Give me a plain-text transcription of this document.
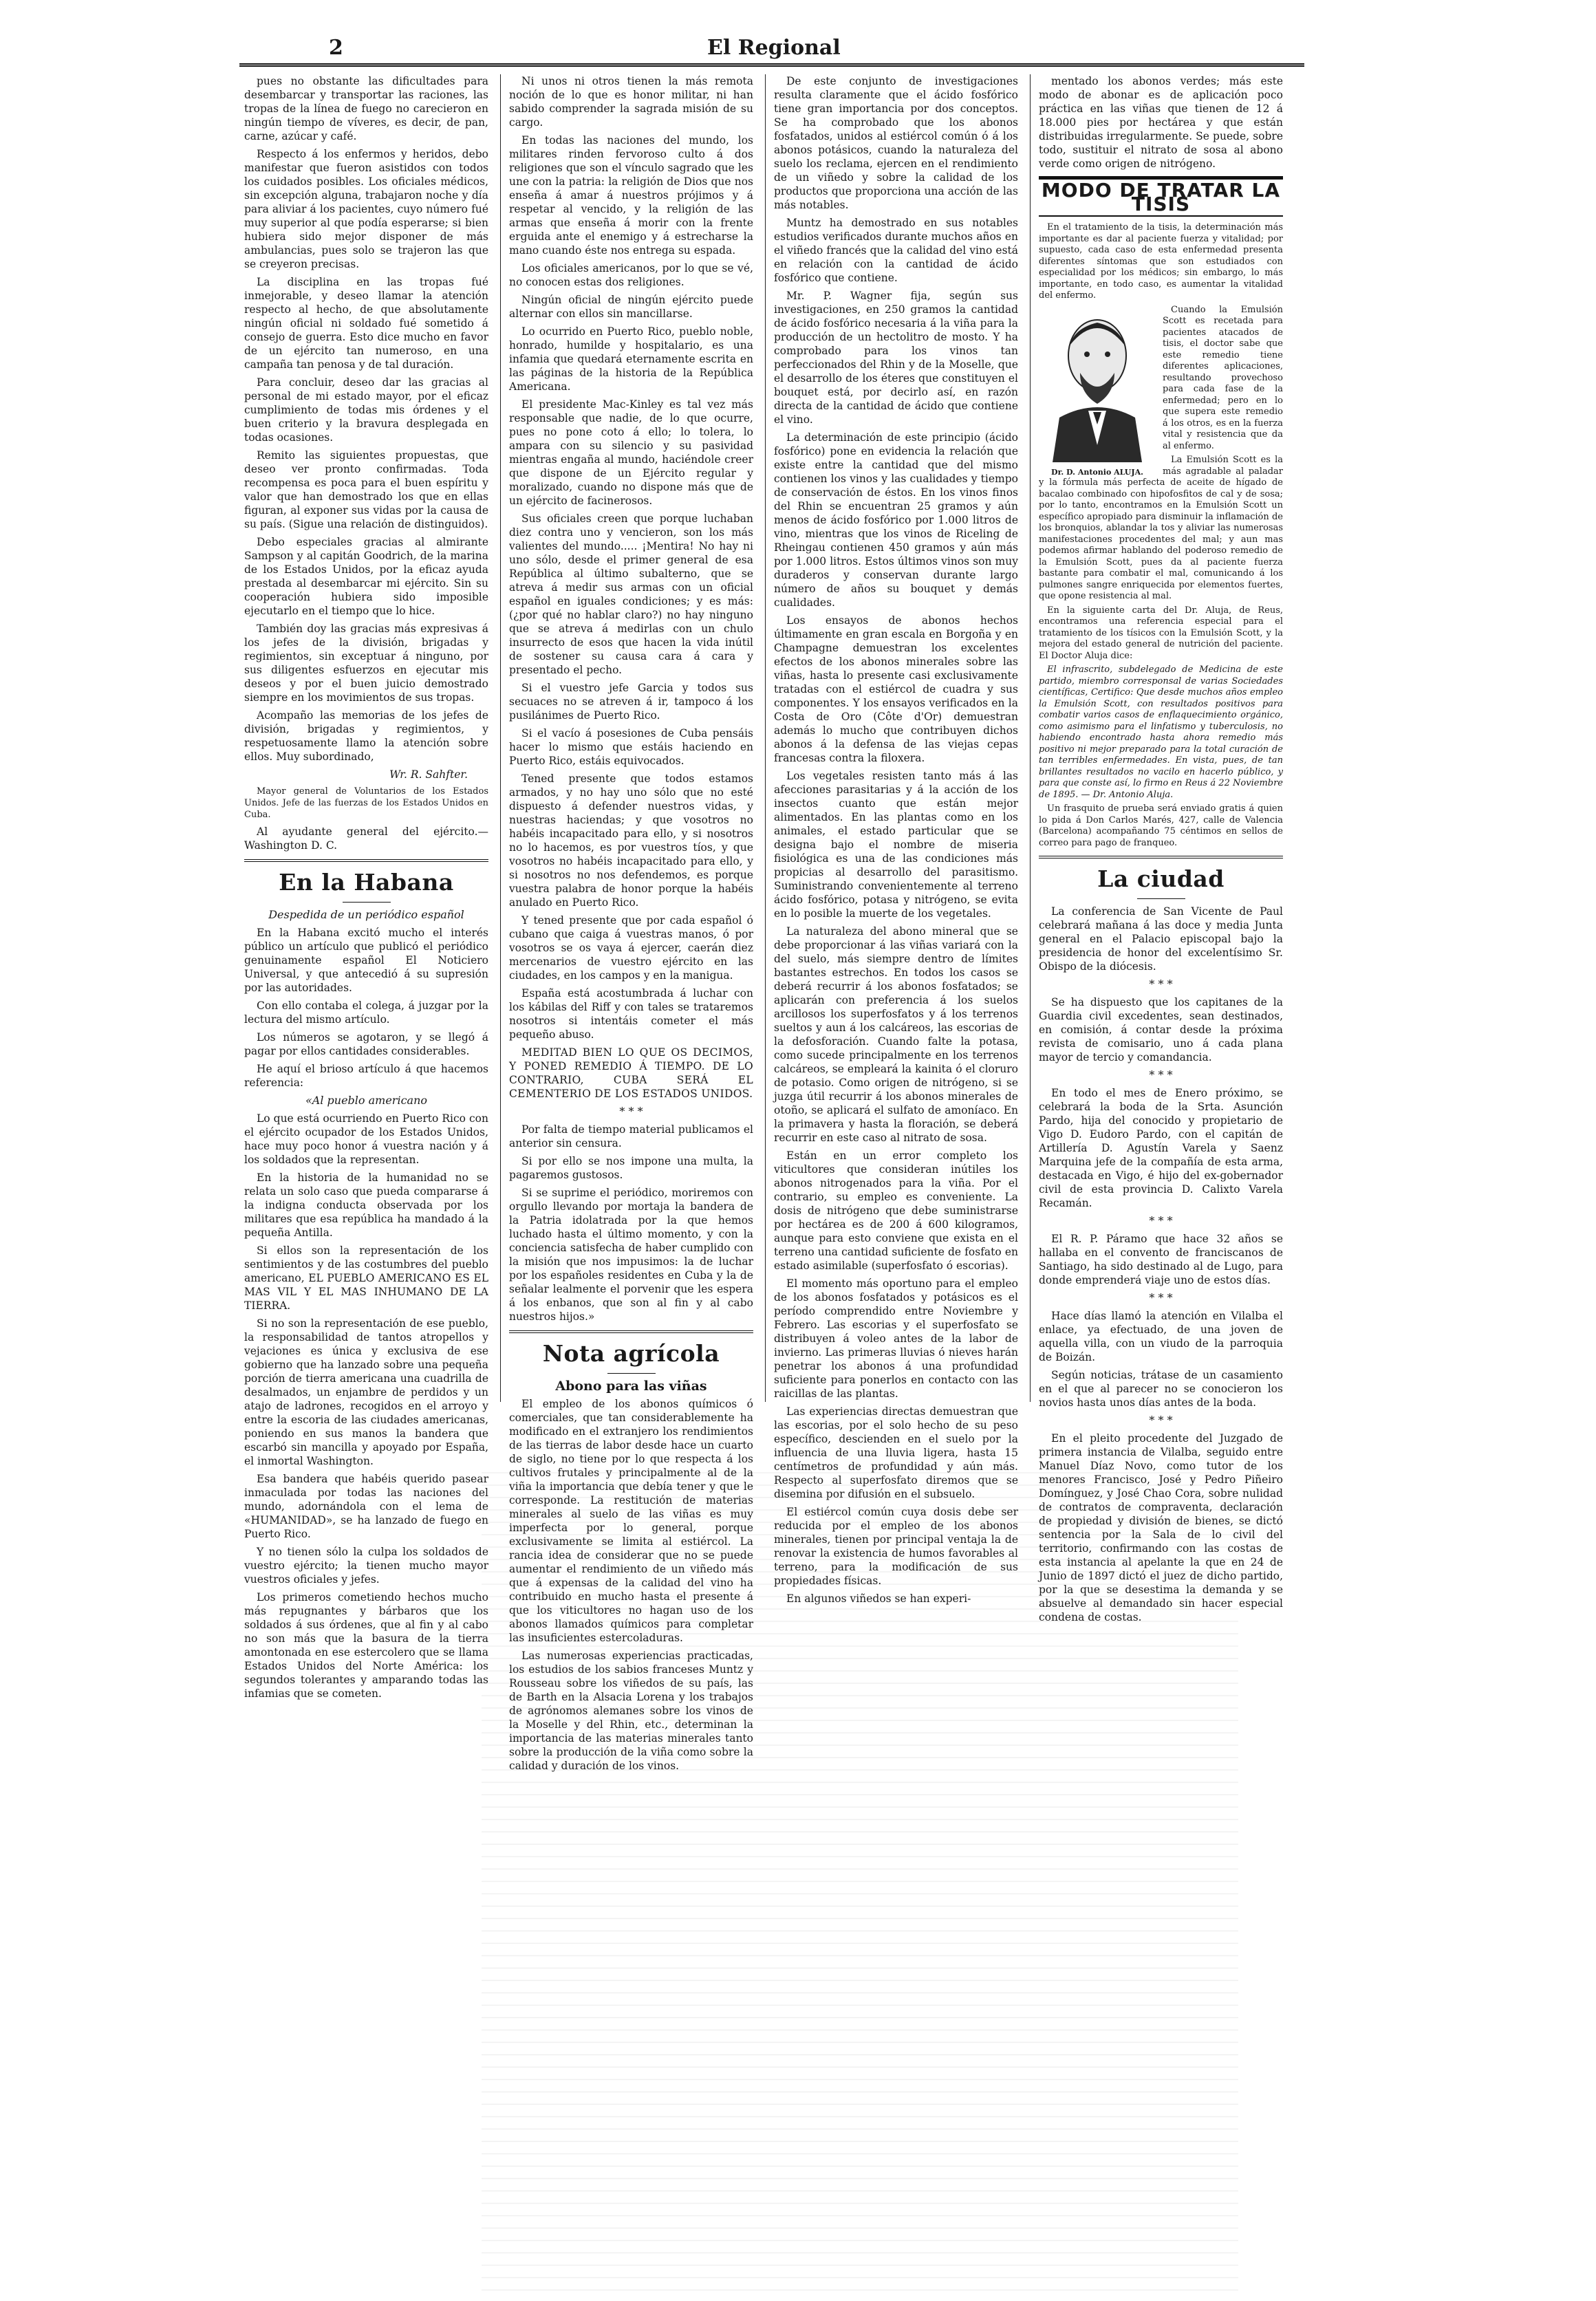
2	El Regional

pues no obstante las dificultades para desembarcar y transportar las raciones, las tropas de la línea de fuego no carecieron en ningún tiempo de víveres, es decir, de pan, carne, azúcar y café.

Respecto á los enfermos y heridos, debo manifestar que fueron asistidos con todos los cuidados posibles. Los oficiales médicos, sin excepción alguna, trabajaron noche y día para aliviar á los pacientes, cuyo número fué muy superior al que podía esperarse; si bien hubiera sido mejor disponer de más ambulancias, pues solo se trajeron las que se creyeron precisas.

La disciplina en las tropas fué inmejorable, y deseo llamar la atención respecto al hecho, de que absolutamente ningún oficial ni soldado fué sometido á consejo de guerra. Esto dice mucho en favor de un ejército tan numeroso, en una campaña tan penosa y de tal duración.

Para concluir, deseo dar las gracias al personal de mi estado mayor, por el eficaz cumplimiento de todas mis órdenes y el buen criterio y la bravura desplegada en todas ocasiones.

Remito las siguientes propuestas, que deseo ver pronto confirmadas. Toda recompensa es poca para el buen espíritu y valor que han demostrado los que en ellas figuran, al exponer sus vidas por la causa de su país. (Sigue una relación de distinguidos).

Debo especiales gracias al almirante Sampson y al capitán Goodrich, de la marina de los Estados Unidos, por la eficaz ayuda prestada al desembarcar mi ejército. Sin su cooperación hubiera sido imposible ejecutarlo en el tiempo que lo hice.

También doy las gracias más expresivas á los jefes de la división, brigadas y regimientos, sin exceptuar á ninguno, por sus diligentes esfuerzos en ejecutar mis deseos y por el buen juicio demostrado siempre en los movimientos de sus tropas.

Acompaño las memorias de los jefes de división, brigadas y regimientos, y respetuosamente llamo la atención sobre ellos. Muy subordinado,

Wr. R. Sahfter.

Mayor general de Voluntarios de los Estados Unidos. Jefe de las fuerzas de los Estados Unidos en Cuba.

Al ayudante general del ejército.— Washington D. C.

En la Habana

Despedida de un periódico español

En la Habana excitó mucho el interés público un artículo que publicó el periódico genuinamente español El Noticiero Universal, y que antecedió á su supresión por las autoridades.

Con ello contaba el colega, á juzgar por la lectura del mismo artículo.

Los números se agotaron, y se llegó á pagar por ellos cantidades considerables.

He aquí el brioso artículo á que hacemos referencia:

«Al pueblo americano

Lo que está ocurriendo en Puerto Rico con el ejército ocupador de los Estados Unidos, hace muy poco honor á vuestra nación y á los soldados que la representan.

En la historia de la humanidad no se relata un solo caso que pueda compararse á la indigna conducta observada por los militares que esa república ha mandado á la pequeña Antilla.

Si ellos son la representación de los sentimientos y de las costumbres del pueblo americano, EL PUEBLO AMERICANO ES EL MAS VIL Y EL MAS INHUMANO DE LA TIERRA.

Si no son la representación de ese pueblo, la responsabilidad de tantos atropellos y vejaciones es única y exclusiva de ese gobierno que ha lanzado sobre una pequeña porción de tierra americana una cuadrilla de desalmados, un enjambre de perdidos y un atajo de ladrones, recogidos en el arroyo y entre la escoria de las ciudades americanas, poniendo en sus manos la bandera que escarbó sin mancilla y apoyado por España, el inmortal Washington.

Esa bandera que habéis querido pasear inmaculada por todas las naciones del mundo, adornándola con el lema de «HUMANIDAD», se ha lanzado de fuego en Puerto Rico.

Y no tienen sólo la culpa los soldados de vuestro ejército; la tienen mucho mayor vuestros oficiales y jefes.

Los primeros cometiendo hechos mucho más repugnantes y bárbaros que los soldados á sus órdenes, que al fin y al cabo no son más que la basura de la tierra amontonada en ese estercolero que se llama Estados Unidos del Norte América: los segundos tolerantes y amparando todas las infamias que se cometen.

Ni unos ni otros tienen la más remota noción de lo que es honor militar, ni han sabido comprender la sagrada misión de su cargo.

En todas las naciones del mundo, los militares rinden fervoroso culto á dos religiones que son el vínculo sagrado que les une con la patria: la religión de Dios que nos enseña á amar á nuestros prójimos y á respetar al vencido, y la religión de las armas que enseña á morir con la frente erguida ante el enemigo y á estrecharse la mano cuando éste nos entrega su espada.

Los oficiales americanos, por lo que se vé, no conocen estas dos religiones.

Ningún oficial de ningún ejército puede alternar con ellos sin mancillarse.

Lo ocurrido en Puerto Rico, pueblo noble, honrado, humilde y hospitalario, es una infamia que quedará eternamente escrita en las páginas de la historia de la República Americana.

El presidente Mac-Kinley es tal vez más responsable que nadie, de lo que ocurre, pues no pone coto á ello; lo tolera, lo ampara con su silencio y su pasividad mientras engaña al mundo, haciéndole creer que dispone de un Ejército regular y moralizado, cuando no dispone más que de un ejército de facinerosos.

Sus oficiales creen que porque luchaban diez contra uno y vencieron, son los más valientes del mundo..... ¡Mentira! No hay ni uno sólo, desde el primer general de esa República al último subalterno, que se atreva á medir sus armas con un oficial español en iguales condiciones; y es más: (¿por qué no hablar claro?) no hay ninguno que se atreva á medirlas con un chulo insurrecto de esos que hacen la vida inútil de sostener su causa cara á cara y presentado el pecho.

Si el vuestro jefe Garcia y todos sus secuaces no se atreven á ir, tampoco á los pusilánimes de Puerto Rico.

Si el vacío á posesiones de Cuba pensáis hacer lo mismo que estáis haciendo en Puerto Rico, estáis equivocados.

Tened presente que todos estamos armados, y no hay uno sólo que no esté dispuesto á defender nuestros vidas, y nuestras haciendas; y que vosotros no habéis incapacitado para ello, y si nosotros no lo hacemos, es por vuestros tíos, y que vosotros no habéis incapacitado para ello, y si nosotros no nos defendemos, es porque vuestra palabra de honor porque la habéis anulado en Puerto Rico.

Y tened presente que por cada español ó cubano que caiga á vuestras manos, ó por vosotros se os vaya á ejercer, caerán diez mercenarios de vuestro ejército en las ciudades, en los campos y en la manigua.

España está acostumbrada á luchar con los kábilas del Riff y con tales se trataremos nosotros si intentáis cometer el más pequeño abuso.

MEDITAD BIEN LO QUE OS DECIMOS, Y PONED REMEDIO Á TIEMPO. DE LO CONTRARIO, CUBA SERÁ EL CEMENTERIO DE LOS ESTADOS UNIDOS.

* * *

Por falta de tiempo material publicamos el anterior sin censura.

Si por ello se nos impone una multa, la pagaremos gustosos.

Si se suprime el periódico, moriremos con orgullo llevando por mortaja la bandera de la Patria idolatrada por la que hemos luchado hasta el último momento, y con la conciencia satisfecha de haber cumplido con la misión que nos impusimos: la de luchar por los españoles residentes en Cuba y la de señalar lealmente el porvenir que les espera á los enbanos, que son al fin y al cabo nuestros hijos.»

Nota agrícola

Abono para las viñas

El empleo de los abonos químicos ó comerciales, que tan considerablemente ha modificado en el extranjero los rendimientos de las tierras de labor desde hace un cuarto de siglo, no tiene por lo que respecta á los cultivos frutales y principalmente al de la viña la importancia que debía tener y que le corresponde. La restitución de materias minerales al suelo de las viñas es muy imperfecta por lo general, porque exclusivamente se limita al estiércol. La rancia idea de considerar que no se puede aumentar el rendimiento de un viñedo más que á expensas de la calidad del vino ha contribuido en mucho hasta el presente á que los viticultores no hagan uso de los abonos llamados químicos para completar las insuficientes estercoladuras.

Las numerosas experiencias practicadas, los estudios de los sabios franceses Muntz y Rousseau sobre los viñedos de su país, las de Barth en la Alsacia Lorena y los trabajos de agrónomos alemanes sobre los vinos de la Moselle y del Rhin, etc., determinan la importancia de las materias minerales tanto sobre la producción de la viña como sobre la calidad y duración de los vinos.

De este conjunto de investigaciones resulta claramente que el ácido fosfórico tiene gran importancia por dos conceptos. Se ha comprobado que los abonos fosfatados, unidos al estiércol común ó á los abonos potásicos, cuando la naturaleza del suelo los reclama, ejercen en el rendimiento de un viñedo y sobre la calidad de los productos que proporciona una acción de las más notables.

Muntz ha demostrado en sus notables estudios verificados durante muchos años en el viñedo francés que la calidad del vino está en relación con la cantidad de ácido fosfórico que contiene.

Mr. P. Wagner fija, según sus investigaciones, en 250 gramos la cantidad de ácido fosfórico necesaria á la viña para la producción de un hectolitro de mosto. Y ha comprobado para los vinos tan perfeccionados del Rhin y de la Moselle, que el desarrollo de los éteres que constituyen el bouquet está, por decirlo así, en razón directa de la cantidad de ácido que contiene el vino.

La determinación de este principio (ácido fosfórico) pone en evidencia la relación que existe entre la cantidad que del mismo contienen los vinos y las cualidades y tiempo de conservación de éstos. En los vinos finos del Rhin se encuentran 25 gramos y aún menos de ácido fosfórico por 1.000 litros de vino, mientras que los vinos de Riceling de Rheingau contienen 450 gramos y aún más por 1.000 litros. Estos últimos vinos son muy duraderos y conservan durante largo número de años su bouquet y demás cualidades.

Los ensayos de abonos hechos últimamente en gran escala en Borgoña y en Champagne demuestran los excelentes efectos de los abonos minerales sobre las viñas, hasta lo presente casi exclusivamente tratadas con el estiércol de cuadra y sus componentes. Y los ensayos verificados en la Costa de Oro (Côte d'Or) demuestran además lo mucho que contribuyen dichos abonos á la defensa de las viejas cepas francesas contra la filoxera.

Los vegetales resisten tanto más á las afecciones parasitarias y á la acción de los insectos cuanto que están mejor alimentados. En las plantas como en los animales, el estado particular que se designa bajo el nombre de miseria fisiológica es una de las condiciones más propicias al desarrollo del parasitismo. Suministrando convenientemente al terreno ácido fosfórico, potasa y nitrógeno, se evita en lo posible la muerte de los vegetales.

La naturaleza del abono mineral que se debe proporcionar á las viñas variará con la del suelo, más siempre dentro de límites bastantes estrechos. En todos los casos se deberá recurrir á los abonos fosfatados; se aplicarán con preferencia á los suelos arcillosos los superfosfatos y á los terrenos sueltos y aun á los calcáreos, las escorias de la defosforación. Cuando falte la potasa, como sucede principalmente en los terrenos calcáreos, se empleará la kainita ó el cloruro de potasio. Como origen de nitrógeno, si se juzga útil recurrir á los abonos minerales de otoño, se aplicará el sulfato de amoníaco. En la primavera y hasta la floración, se deberá recurrir en este caso al nitrato de sosa.

Están en un error completo los viticultores que consideran inútiles los abonos nitrogenados para la viña. Por el contrario, su empleo es conveniente. La dosis de nitrógeno que debe suministrarse por hectárea es de 200 á 600 kilogramos, aunque para esto conviene que exista en el terreno una cantidad suficiente de fosfato en estado asimilable (superfosfato ó escorias).

El momento más oportuno para el empleo de los abonos fosfatados y potásicos es el período comprendido entre Noviembre y Febrero. Las escorias y el superfosfato se distribuyen á voleo antes de la labor de invierno. Las primeras lluvias ó nieves harán penetrar los abonos á una profundidad suficiente para ponerlos en contacto con las raicillas de las plantas.

Las experiencias directas demuestran que las escorias, por el solo hecho de su peso específico, descienden en el suelo por la influencia de una lluvia ligera, hasta 15 centímetros de profundidad y aún más. Respecto al superfosfato diremos que se disemina por difusión en el subsuelo.

El estiércol común cuya dosis debe ser reducida por el empleo de los abonos minerales, tienen por principal ventaja la de renovar la existencia de humos favorables al terreno, para la modificación de sus propiedades físicas.

En algunos viñedos se han experi-

mentado los abonos verdes; más este modo de abonar es de aplicación poco práctica en las viñas que tienen de 12 á 18.000 pies por hectárea y que están distribuidas irregularmente. Se puede, sobre todo, sustituir el nitrato de sosa al abono verde como origen de nitrógeno.

MODO DE TRATAR LA TISIS

En el tratamiento de la tisis, la determinación más importante es dar al paciente fuerza y vitalidad; por supuesto, cada caso de esta enfermedad presenta diferentes síntomas que son estudiados con especialidad por los médicos; sin embargo, lo más importante, en todo caso, es aumentar la vitalidad del enfermo.

Dr. D. Antonio ALUJA.

Cuando la Emulsión Scott es recetada para pacientes atacados de tisis, el doctor sabe que este remedio tiene diferentes aplicaciones, resultando provechoso para cada fase de la enfermedad; pero en lo que supera este remedio á los otros, es en la fuerza vital y resistencia que da al enfermo.

La Emulsión Scott es la más agradable al paladar y la fórmula más perfecta de aceite de hígado de bacalao combinado con hipofosfitos de cal y de sosa; por lo tanto, encontramos en la Emulsión Scott un específico apropiado para disminuir la inflamación de los bronquios, ablandar la tos y aliviar las numerosas manifestaciones procedentes del mal; y aun mas podemos afirmar hablando del poderoso remedio de la Emulsión Scott, pues da al paciente fuerza bastante para combatir el mal, comunicando á los pulmones sangre enriquecida por elementos fuertes, que opone resistencia al mal.

En la siguiente carta del Dr. Aluja, de Reus, encontramos una referencia especial para el tratamiento de los tísicos con la Emulsión Scott, y la mejora del estado general de nutrición del paciente. El Doctor Aluja dice:

El infrascrito, subdelegado de Medicina de este partido, miembro corresponsal de varias Sociedades científicas, Certifico: Que desde muchos años empleo la Emulsión Scott, con resultados positivos para combatir varios casos de enflaquecimiento orgánico, como asimismo para el linfatismo y tuberculosis, no habiendo encontrado hasta ahora remedio más positivo ni mejor preparado para la total curación de tan terribles enfermedades. En vista, pues, de tan brillantes resultados no vacilo en hacerlo público, y para que conste así, lo firmo en Reus á 22 Noviembre de 1895. — Dr. Antonio Aluja.

Un frasquito de prueba será enviado gratis á quien lo pida á Don Carlos Marés, 427, calle de Valencia (Barcelona) acompañando 75 céntimos en sellos de correo para pago de franqueo.

La ciudad

La conferencia de San Vicente de Paul celebrará mañana á las doce y media Junta general en el Palacio episcopal bajo la presidencia de honor del excelentísimo Sr. Obispo de la diócesis.

* * *

Se ha dispuesto que los capitanes de la Guardia civil excedentes, sean destinados, en comisión, á contar desde la próxima revista de comisario, uno á cada plana mayor de tercio y comandancia.

* * *

En todo el mes de Enero próximo, se celebrará la boda de la Srta. Asunción Pardo, hija del conocido y propietario de Vigo D. Eudoro Pardo, con el capitán de Artillería D. Agustín Varela y Saenz Marquina jefe de la compañía de esta arma, destacada en Vigo, é hijo del ex-gobernador civil de esta provincia D. Calixto Varela Recamán.

* * *

El R. P. Páramo que hace 32 años se hallaba en el convento de franciscanos de Santiago, ha sido destinado al de Lugo, para donde emprenderá viaje uno de estos días.

* * *

Hace días llamó la atención en Vilalba el enlace, ya efectuado, de una joven de aquella villa, con un viudo de la parroquia de Boizán.

Según noticias, trátase de un casamiento en el que al parecer no se conocieron los novios hasta unos días antes de la boda.

* * *

En el pleito procedente del Juzgado de primera instancia de Vilalba, seguido entre Manuel Díaz Novo, como tutor de los menores Francisco, José y Pedro Piñeiro Domínguez, y José Chao Cora, sobre nulidad de contratos de compraventa, declaración de propiedad y división de bienes, se dictó sentencia por la Sala de lo civil del territorio, confirmando con las costas de esta instancia al apelante la que en 24 de Junio de 1897 dictó el juez de dicho partido, por la que se desestima la demanda y se absuelve al demandado sin hacer especial condena de costas.
